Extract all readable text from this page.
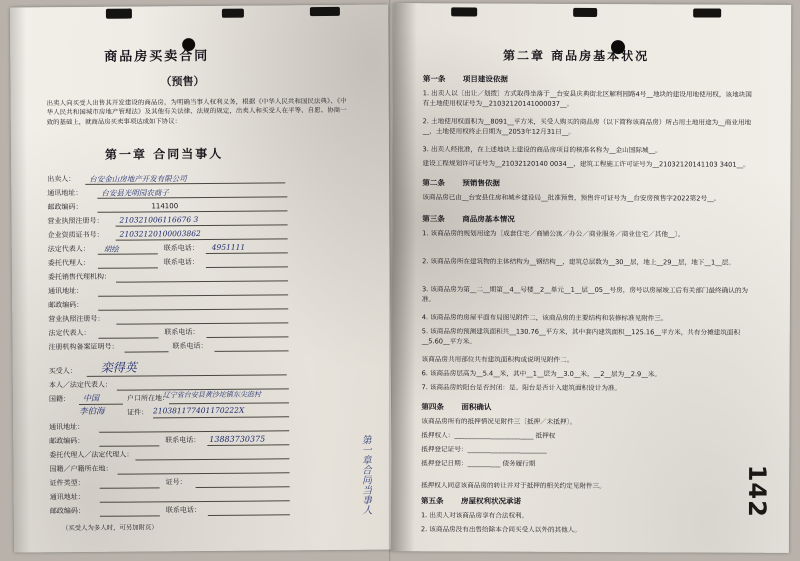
商品房买卖合同
（预售）
出卖人向买受人出售其开发建设的商品房，为明确当事人权利义务，根据《中华人民共和国民法典》、《中华人民共和国城市房地产管理法》及其他有关法律、法规的规定，出卖人和买受人在平等、自愿、协商一致的基础上，就商品房买卖事项达成如下协议：
第一章 合同当事人
出卖人： 台安金山房地产开发有限公司
通讯地址：	台安县光明园农商子
邮政编码：	114100
营业执照注册号： 210321006116676 3
企业资质证书号： 21032120100003862
法定代表人： 胡绘	联系电话： 4951111
委托代理人：	联系电话：
委托销售代理机构：
通讯地址：
邮政编码：
营业执照注册号：
法定代表人：	联系电话：
注册机构备案证明号：	联系电话：
买受人： 栾得英
本人／法定代表人：
国籍： 中国	户口所在地：
辽宁省台安县黄沙坨镇东尖泡村
李伯海	证件： 210381177401170222X
通讯地址：
邮政编码：	联系电话： 13883730375
委托代理人／法定代理人：
国籍／户籍所在地：
证件类型：	证号：
通讯地址：
邮政编码：	联系电话：
（买受人为多人时，可另加附页）
第一章合同当事人
第二章 商品房基本状况
第一条 项目建设依据
1. 出卖人以〔出让／划拨〕方式取得坐落于__台安县庆典街北区解利园路4号__地块的建设用地使用权，该地块国有土地使用权证号为__21032120141000037__。
2. 土地使用权面积为__8091__平方米，买受人购买的商品房（以下简称该商品房）所占用土地用途为__商业用地__，土地使用权终止日期为__2053年12月31日__。
3. 出卖人经批准，在上述地块上建设的商品房项目的核准名称为__金山国际城__。
建设工程规划许可证号为__21032120140 0034__，建筑工程施工许可证号为__21032120141103 3401__。
第二条 预销售依据
该商品房已由__台安县住房和城乡建设局__批准预售，预售许可证号为__台安房预售字2022第2号__。
第三条 商品房基本情况
1. 该商品房的规划用途为〔成套住宅／商铺公寓／办公／商业服务／商业住宅／其他__〕。
2. 该商品房所在建筑物的主体结构为__钢结构__，建筑总层数为__30__层，地上__29__层，地下__1__层。
3. 该商品房为第__二__期第__4__号楼__2__单元__1__层__05__号房，房号以房屋竣工后有关部门最终确认的为准。
4. 该商品房的房屋平面布局图见附件二，该商品房的主要结构和装修标准见附件三。
5. 该商品房的预测建筑面积共__130.76__平方米，其中套内建筑面积__125.16__平方米，共有分摊建筑面积__5.60__平方米。
该商品房共用部位共有建筑面积构成说明见附件二。
6. 该商品房层高为__5.4__米，其中__1__层为__3.0__米，__2__层为__2.9__米。
7. 该商品房的阳台是否封闭：是。阳台是否计入建筑面积设计为准。
第四条 面积确认
该商品房所有的抵押情况见附件三〔抵押／未抵押〕。
抵押权人：________________________ 抵押权
抵押登记证号：________________________
抵押登记日期：__________ 债务履行期
抵押权人同意该商品房的转让并对于抵押的相关约定见附件三。
第五条 房屋权利状况承诺
1. 出卖人对该商品房享有合法权利。
2. 该商品房没有出售给除本合同买受人以外的其他人。
142
